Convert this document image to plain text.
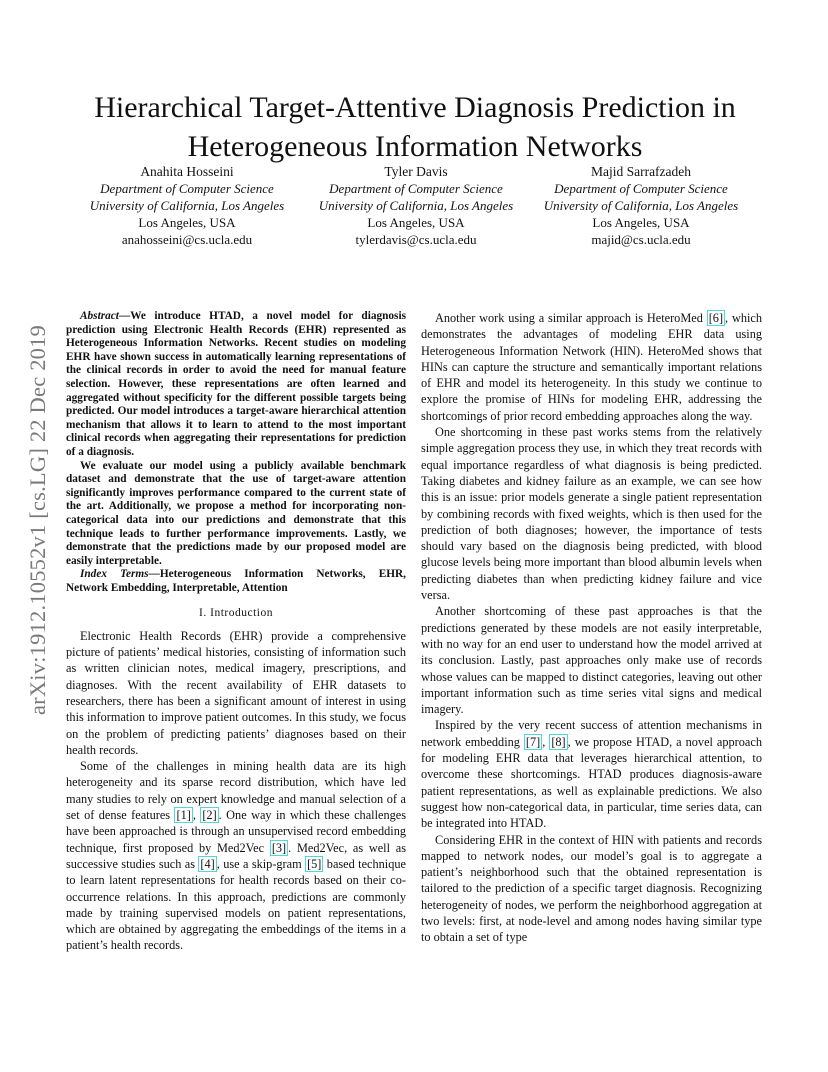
arXiv:1912.10552v1 [cs.LG] 22 Dec 2019
Hierarchical Target-Attentive Diagnosis Prediction in Heterogeneous Information Networks
Anahita Hosseini
Department of Computer Science
University of California, Los Angeles
Los Angeles, USA
anahosseini@cs.ucla.edu
Tyler Davis
Department of Computer Science
University of California, Los Angeles
Los Angeles, USA
tylerdavis@cs.ucla.edu
Majid Sarrafzadeh
Department of Computer Science
University of California, Los Angeles
Los Angeles, USA
majid@cs.ucla.edu

Abstract—We introduce HTAD, a novel model for diagnosis prediction using Electronic Health Records (EHR) represented as Heterogeneous Information Networks. Recent studies on modeling EHR have shown success in automatically learning representations of the clinical records in order to avoid the need for manual feature selection. However, these representations are often learned and aggregated without specificity for the different possible targets being predicted. Our model introduces a target-aware hierarchical attention mechanism that allows it to learn to attend to the most important clinical records when aggregating their representations for prediction of a diagnosis.

We evaluate our model using a publicly available benchmark dataset and demonstrate that the use of target-aware attention significantly improves performance compared to the current state of the art. Additionally, we propose a method for incorporating non-categorical data into our predictions and demonstrate that this technique leads to further performance improvements. Lastly, we demonstrate that the predictions made by our proposed model are easily interpretable.

Index Terms—Heterogeneous Information Networks, EHR, Network Embedding, Interpretable, Attention

I. Introduction

Electronic Health Records (EHR) provide a comprehensive picture of patients’ medical histories, consisting of information such as written clinician notes, medical imagery, prescriptions, and diagnoses. With the recent availability of EHR datasets to researchers, there has been a significant amount of interest in using this information to improve patient outcomes. In this study, we focus on the problem of predicting patients’ diagnoses based on their health records.

Some of the challenges in mining health data are its high heterogeneity and its sparse record distribution, which have led many studies to rely on expert knowledge and manual selection of a set of dense features [1] , [2] . One way in which these challenges have been approached is through an unsupervised record embedding technique, first proposed by Med2Vec [3] . Med2Vec, as well as successive studies such as [4] , use a skip-gram [5] based technique to learn latent representations for health records based on their co-occurrence relations. In this approach, predictions are commonly made by training supervised models on patient representations, which are obtained by aggregating the embeddings of the items in a patient’s health records.

Another work using a similar approach is HeteroMed [6] , which demonstrates the advantages of modeling EHR data using Heterogeneous Information Network (HIN). HeteroMed shows that HINs can capture the structure and semantically important relations of EHR and model its heterogeneity. In this study we continue to explore the promise of HINs for modeling EHR, addressing the shortcomings of prior record embedding approaches along the way.

One shortcoming in these past works stems from the relatively simple aggregation process they use, in which they treat records with equal importance regardless of what diagnosis is being predicted. Taking diabetes and kidney failure as an example, we can see how this is an issue: prior models generate a single patient representation by combining records with fixed weights, which is then used for the prediction of both diagnoses; however, the importance of tests should vary based on the diagnosis being predicted, with blood glucose levels being more important than blood albumin levels when predicting diabetes than when predicting kidney failure and vice versa.

Another shortcoming of these past approaches is that the predictions generated by these models are not easily interpretable, with no way for an end user to understand how the model arrived at its conclusion. Lastly, past approaches only make use of records whose values can be mapped to distinct categories, leaving out other important information such as time series vital signs and medical imagery.

Inspired by the very recent success of attention mechanisms in network embedding [7] , [8] , we propose HTAD, a novel approach for modeling EHR data that leverages hierarchical attention, to overcome these shortcomings. HTAD produces diagnosis-aware patient representations, as well as explainable predictions. We also suggest how non-categorical data, in particular, time series data, can be integrated into HTAD.

Considering EHR in the context of HIN with patients and records mapped to network nodes, our model’s goal is to aggregate a patient’s neighborhood such that the obtained representation is tailored to the prediction of a specific target diagnosis. Recognizing heterogeneity of nodes, we perform the neighborhood aggregation at two levels: first, at node-level and among nodes having similar type to obtain a set of type
